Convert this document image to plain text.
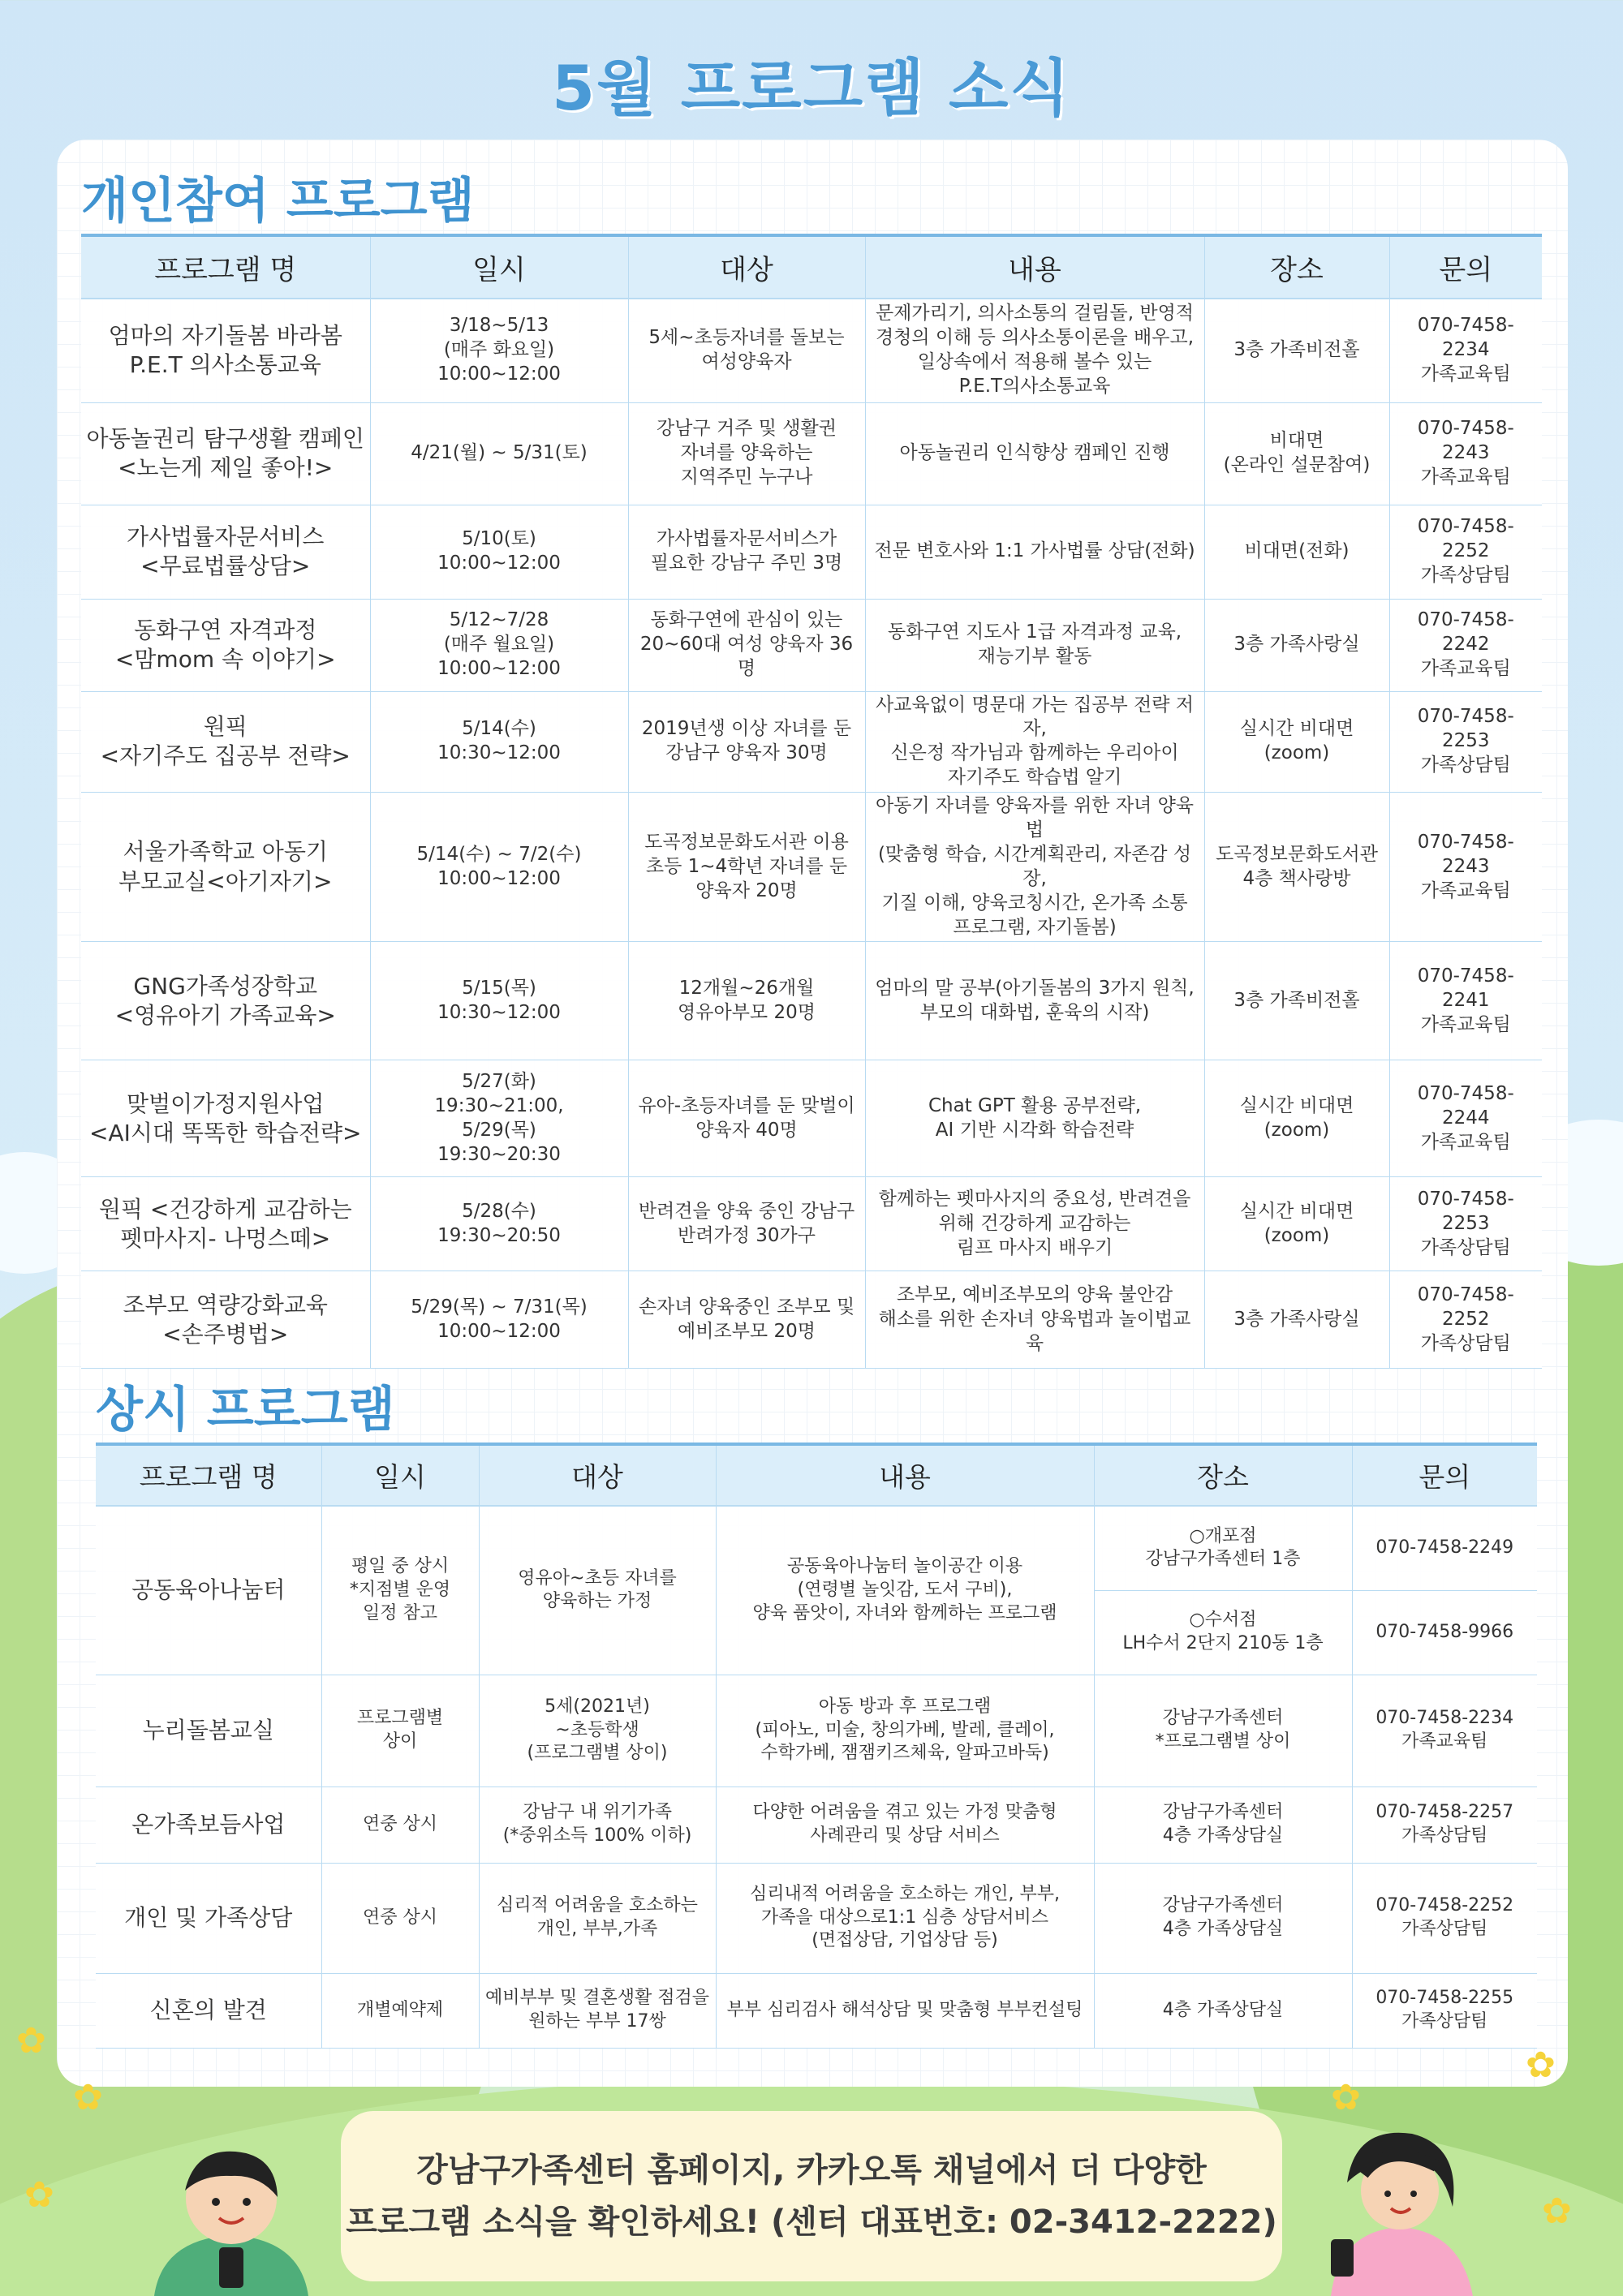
5월 프로그램 소식
개인참여 프로그램
프로그램 명	일시	대상	내용	장소	문의
엄마의 자기돌봄 바라봄
P.E.T 의사소통교육	3/18~5/13
(매주 화요일)
10:00~12:00	5세~초등자녀를 돌보는
여성양육자	문제가리기, 의사소통의 걸림돌, 반영적
경청의 이해 등 의사소통이론을 배우고,
일상속에서 적용해 볼수 있는
P.E.T의사소통교육	3층 가족비전홀	070-7458-2234
가족교육팀
아동놀권리 탐구생활 캠페인
<노는게 제일 좋아!>	4/21(월) ~ 5/31(토)	강남구 거주 및 생활권
자녀를 양육하는
지역주민 누구나	아동놀권리 인식향상 캠페인 진행	비대면
(온라인 설문참여)	070-7458-2243
가족교육팀
가사법률자문서비스
<무료법률상담>	5/10(토)
10:00~12:00	가사법률자문서비스가
필요한 강남구 주민 3명	전문 변호사와 1:1 가사법률 상담(전화)	비대면(전화)	070-7458-2252
가족상담팀
동화구연 자격과정
<맘mom 속 이야기>	5/12~7/28
(매주 월요일)
10:00~12:00	동화구연에 관심이 있는
20~60대 여성 양육자 36명	동화구연 지도사 1급 자격과정 교육,
재능기부 활동	3층 가족사랑실	070-7458-2242
가족교육팀
원픽
<자기주도 집공부 전략>	5/14(수)
10:30~12:00	2019년생 이상 자녀를 둔
강남구 양육자 30명	사교육없이 명문대 가는 집공부 전략 저자,
신은정 작가님과 함께하는 우리아이
자기주도 학습법 알기	실시간 비대면
(zoom)	070-7458-2253
가족상담팀
서울가족학교 아동기
부모교실<아기자기>	5/14(수) ~ 7/2(수)
10:00~12:00	도곡정보문화도서관 이용
초등 1~4학년 자녀를 둔
양육자 20명	아동기 자녀를 양육자를 위한 자녀 양육법
(맞춤형 학습, 시간계획관리, 자존감 성장,
기질 이해, 양육코칭시간, 온가족 소통
프로그램, 자기돌봄)	도곡정보문화도서관
4층 책사랑방	070-7458-2243
가족교육팀
GNG가족성장학교
<영유아기 가족교육>	5/15(목)
10:30~12:00	12개월~26개월
영유아부모 20명	엄마의 말 공부(아기돌봄의 3가지 원칙,
부모의 대화법, 훈육의 시작)	3층 가족비전홀	070-7458-2241
가족교육팀
맞벌이가정지원사업
<AI시대 똑똑한 학습전략>	5/27(화)
19:30~21:00,
5/29(목)
19:30~20:30	유아-초등자녀를 둔 맞벌이
양육자 40명	Chat GPT 활용 공부전략,
AI 기반 시각화 학습전략	실시간 비대면
(zoom)	070-7458-2244
가족교육팀
원픽 <건강하게 교감하는
펫마사지- 나멍스떼>	5/28(수)
19:30~20:50	반려견을 양육 중인 강남구
반려가정 30가구	함께하는 펫마사지의 중요성, 반려견을
위해 건강하게 교감하는
림프 마사지 배우기	실시간 비대면
(zoom)	070-7458-2253
가족상담팀
조부모 역량강화교육
<손주병법>	5/29(목) ~ 7/31(목)
10:00~12:00	손자녀 양육중인 조부모 및
예비조부모 20명	조부모, 예비조부모의 양육 불안감
해소를 위한 손자녀 양육법과 놀이법교육	3층 가족사랑실	070-7458-2252
가족상담팀
상시 프로그램
프로그램 명	일시	대상	내용	장소	문의
공동육아나눔터	평일 중 상시
*지점별 운영
일정 참고	영유아~초등 자녀를
양육하는 가정	공동육아나눔터 놀이공간 이용
(연령별 놀잇감, 도서 구비),
양육 품앗이, 자녀와 함께하는 프로그램	○개포점
강남구가족센터 1층	070-7458-2249
				○수서점
LH수서 2단지 210동 1층	070-7458-9966
누리돌봄교실	프로그램별
상이	5세(2021년)
~초등학생
(프로그램별 상이)	아동 방과 후 프로그램
(피아노, 미술, 창의가베, 발레, 클레이,
수학가베, 잼잼키즈체육, 알파고바둑)	강남구가족센터
*프로그램별 상이	070-7458-2234
가족교육팀
온가족보듬사업	연중 상시	강남구 내 위기가족
(*중위소득 100% 이하)	다양한 어려움을 겪고 있는 가정 맞춤형
사례관리 및 상담 서비스	강남구가족센터
4층 가족상담실	070-7458-2257
가족상담팀
개인 및 가족상담	연중 상시	심리적 어려움을 호소하는
개인, 부부,가족	심리내적 어려움을 호소하는 개인, 부부,
가족을 대상으로1:1 심층 상담서비스
(면접상담, 기업상담 등)	강남구가족센터
4층 가족상담실	070-7458-2252
가족상담팀
신혼의 발견	개별예약제	예비부부 및 결혼생활 점검을
원하는 부부 17쌍	부부 심리검사 해석상담 및 맞춤형 부부컨설팅	4층 가족상담실	070-7458-2255
가족상담팀
✿
✿
✿
✿
✿
✿
강남구가족센터 홈페이지, 카카오톡 채널에서 더 다양한
프로그램 소식을 확인하세요! (센터 대표번호: 02-3412-2222)
